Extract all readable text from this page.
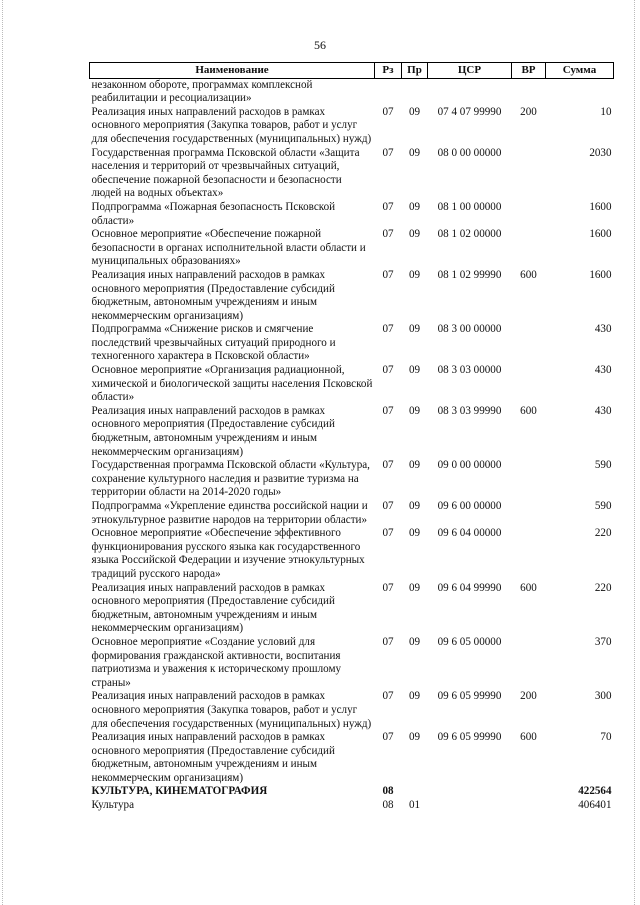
56
Наименование	Рз	Пр	ЦСР	ВР	Сумма
незаконном обороте, программах комплексной реабилитации и ресоциализации»					
Реализация иных направлений расходов в рамках основного мероприятия (Закупка товаров, работ и услуг для обеспечения государственных (муниципальных) нужд)	07	09	07 4 07 99990	200	10
Государственная программа Псковской области «Защита населения и территорий от чрезвычайных ситуаций, обеспечение пожарной безопасности и безопасности людей на водных объектах»	07	09	08 0 00 00000		2030
Подпрограмма «Пожарная безопасность Псковской области»	07	09	08 1 00 00000		1600
Основное мероприятие «Обеспечение пожарной безопасности в органах исполнительной власти области и муниципальных образованиях»	07	09	08 1 02 00000		1600
Реализация иных направлений расходов в рамках основного мероприятия (Предоставление субсидий бюджетным, автономным учреждениям и иным некоммерческим организациям)	07	09	08 1 02 99990	600	1600
Подпрограмма «Снижение рисков и смягчение последствий чрезвычайных ситуаций природного и техногенного характера в Псковской области»	07	09	08 3 00 00000		430
Основное мероприятие «Организация радиационной, химической и биологической защиты населения Псковской области»	07	09	08 3 03 00000		430
Реализация иных направлений расходов в рамках основного мероприятия (Предоставление субсидий бюджетным, автономным учреждениям и иным некоммерческим организациям)	07	09	08 3 03 99990	600	430
Государственная программа Псковской области «Культура, сохранение культурного наследия и развитие туризма на территории области на 2014-2020 годы»	07	09	09 0 00 00000		590
Подпрограмма «Укрепление единства российской нации и этнокультурное развитие народов на территории области»	07	09	09 6 00 00000		590
Основное мероприятие «Обеспечение эффективного функционирования русского языка как государственного языка Российской Федерации и изучение этнокультурных традиций русского народа»	07	09	09 6 04 00000		220
Реализация иных направлений расходов в рамках основного мероприятия (Предоставление субсидий бюджетным, автономным учреждениям и иным некоммерческим организациям)	07	09	09 6 04 99990	600	220
Основное мероприятие «Создание условий для формирования гражданской активности, воспитания патриотизма и уважения к историческому прошлому страны»	07	09	09 6 05 00000		370
Реализация иных направлений расходов в рамках основного мероприятия (Закупка товаров, работ и услуг для обеспечения государственных (муниципальных) нужд)	07	09	09 6 05 99990	200	300
Реализация иных направлений расходов в рамках основного мероприятия (Предоставление субсидий бюджетным, автономным учреждениям и иным некоммерческим организациям)	07	09	09 6 05 99990	600	70
КУЛЬТУРА, КИНЕМАТОГРАФИЯ	08				422564
Культура	08	01			406401
